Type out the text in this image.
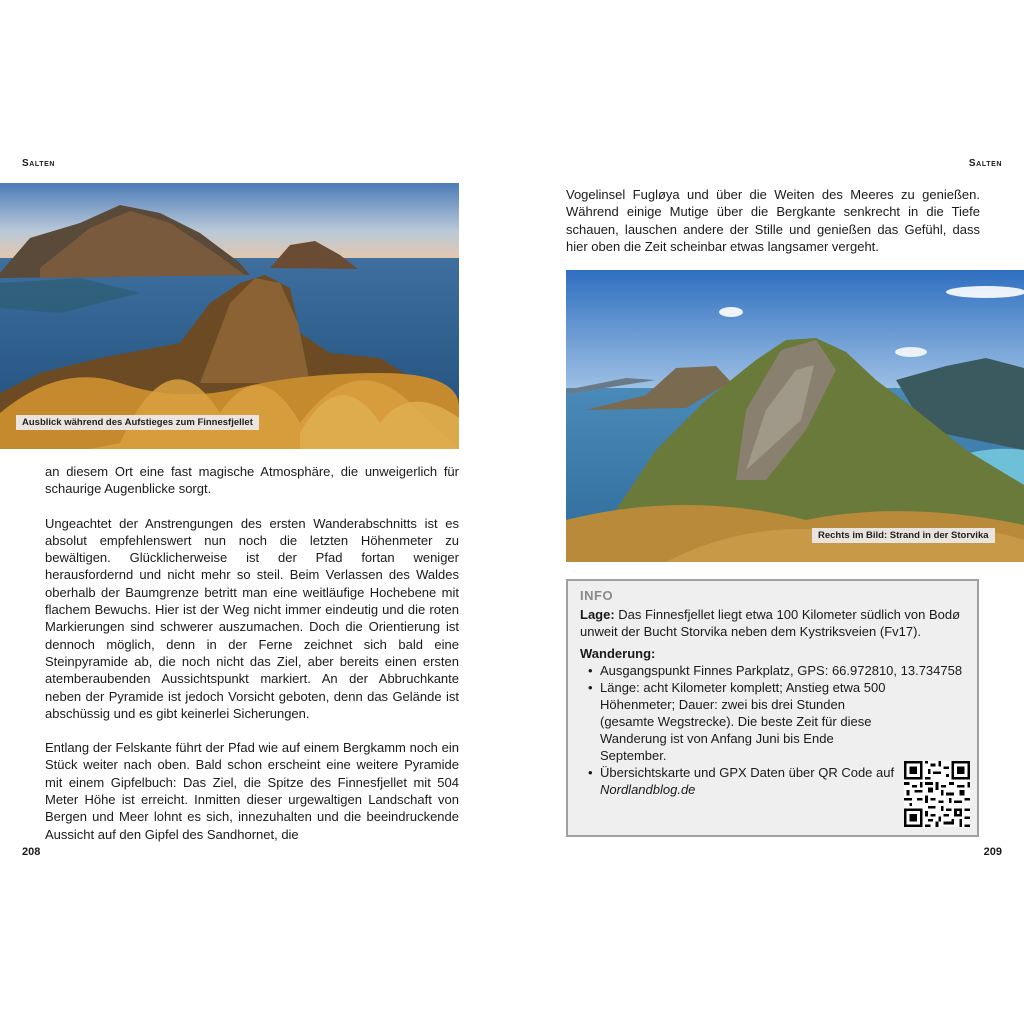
Salten	Salten
Ausblick während des Aufstieges zum Finnesfjellet

an diesem Ort eine fast magische Atmosphäre, die unweigerlich für schaurige Augenblicke sorgt.

Ungeachtet der Anstrengungen des ersten Wanderabschnitts ist es absolut empfehlenswert nun noch die letzten Höhenmeter zu bewältigen. Glücklicherweise ist der Pfad fortan weniger herausfordernd und nicht mehr so steil. Beim Verlassen des Waldes oberhalb der Baumgrenze betritt man eine weitläufige Hochebene mit flachem Bewuchs. Hier ist der Weg nicht immer eindeutig und die roten Markierungen sind schwerer auszumachen. Doch die Orientierung ist dennoch möglich, denn in der Ferne zeichnet sich bald eine Steinpyramide ab, die noch nicht das Ziel, aber bereits einen ersten atemberaubenden Aussichtspunkt markiert. An der Abbruchkante neben der Pyramide ist jedoch Vorsicht geboten, denn das Gelände ist abschüssig und es gibt keinerlei Sicherungen.

Entlang der Felskante führt der Pfad wie auf einem Bergkamm noch ein Stück weiter nach oben. Bald schon erscheint eine weitere Pyramide mit einem Gipfelbuch: Das Ziel, die Spitze des Finnesfjellet mit 504 Meter Höhe ist erreicht. Inmitten dieser urgewaltigen Landschaft von Bergen und Meer lohnt es sich, innezuhalten und die beeindruckende Aussicht auf den Gipfel des Sandhornet, die

208

Vogelinsel Fugløya und über die Weiten des Meeres zu genießen. Während einige Mutige über die Bergkante senkrecht in die Tiefe schauen, lauschen andere der Stille und genießen das Gefühl, dass hier oben die Zeit scheinbar etwas langsamer vergeht.

Rechts im Bild: Strand in der Storvika
INFO
Lage: Das Finnesfjellet liegt etwa 100 Kilometer südlich von Bodø unweit der Bucht Storvika neben dem Kystriksveien (Fv17).
Wanderung:
• Ausgangspunkt Finnes Parkplatz, GPS: 66.972810, 13.734758
• Länge: acht Kilometer komplett; Anstieg etwa 500 Höhenmeter; Dauer: zwei bis drei Stunden (gesamte Wegstrecke). Die beste Zeit für diese Wanderung ist von Anfang Juni bis Ende September.
• Übersichtskarte und GPX Daten über QR Code auf Nordlandblog.de
209
